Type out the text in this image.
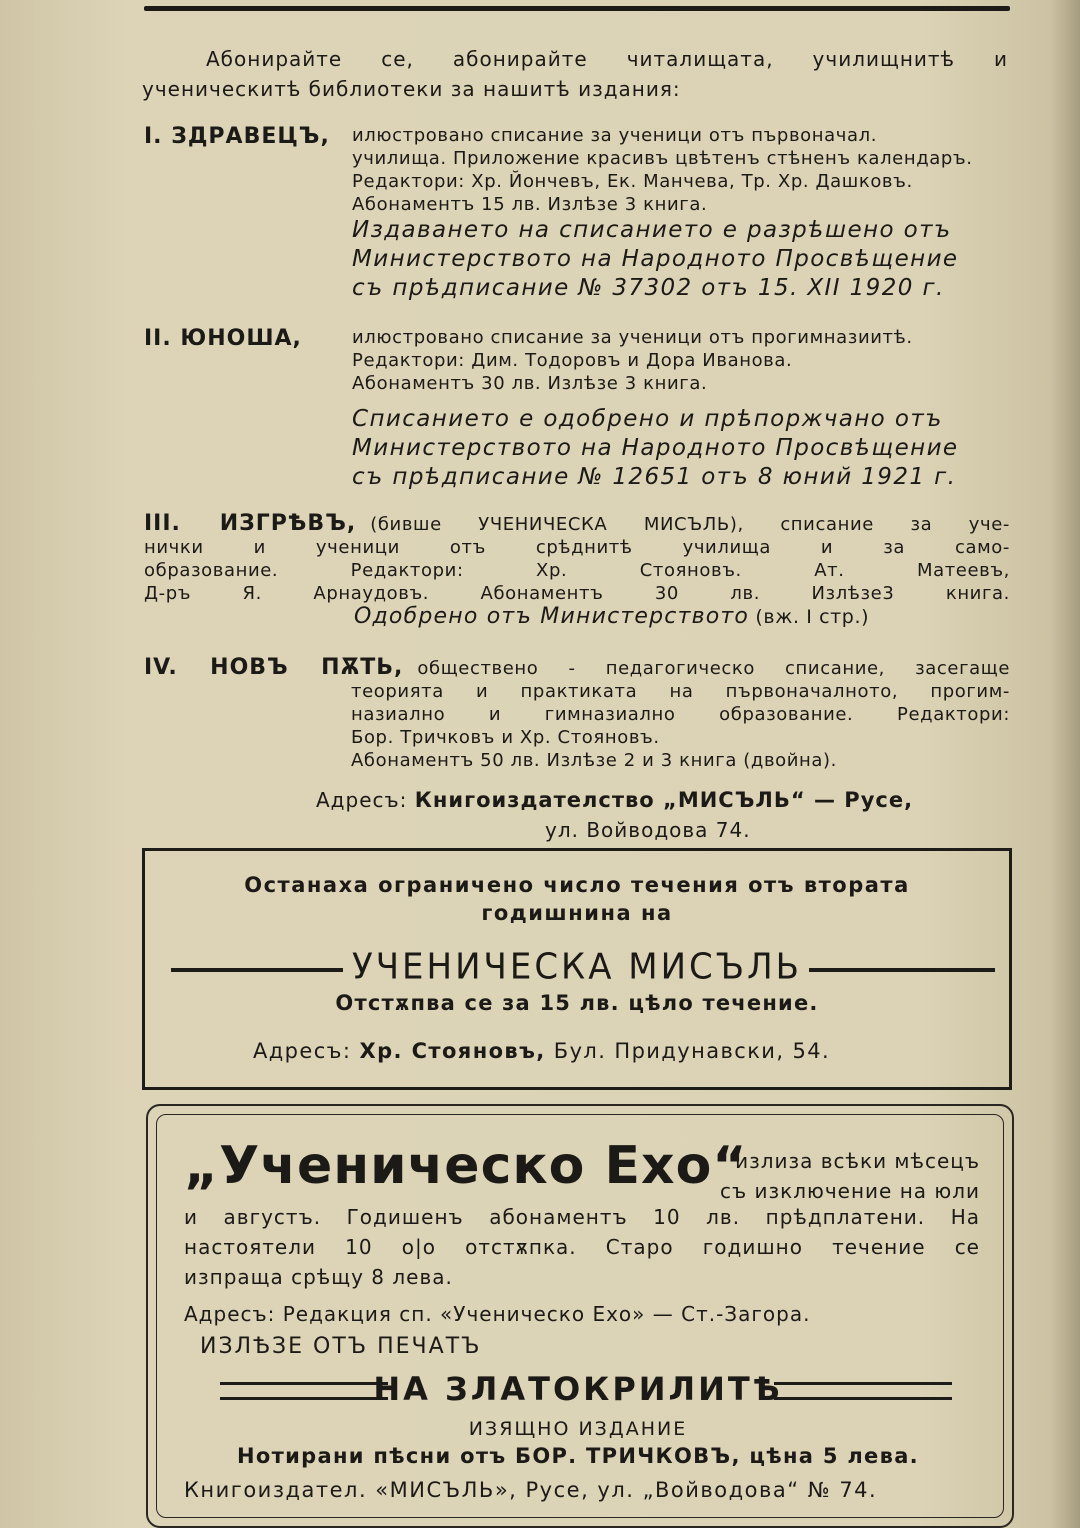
Абонирайте се, абонирайте читалищата, училищнитѣ и ученическитѣ библиотеки за нашитѣ издания:
I. ЗДРАВЕЦЪ, илюстровано списание за ученици отъ първоначал.
училища. Приложение красивъ цвѣтенъ стѣненъ календаръ.
Редактори: Хр. Йончевъ, Ек. Манчева, Тр. Хр. Дашковъ.
Абонаментъ 15 лв. Излѣзе 3 книга.
Издаването на списанието е разрѣшено отъ
Министерството на Народното Просвѣщение
съ прѣдписание № 37302 отъ 15. XII 1920 г.
II. ЮНОША,	илюстровано списание за ученици отъ прогимназиитѣ.
Редактори: Дим. Тодоровъ и Дора Иванова.
Абонаментъ 30 лв. Излѣзе 3 книга.
Списанието е одобрено и прѣпоржчано отъ
Министерството на Народното Просвѣщение
съ прѣдписание № 12651 отъ 8 юний 1921 г.
III. ИЗГРѢВЪ, (бивше УЧЕНИЧЕСКА МИСЪЛЬ), списание за уче-
нички и ученици отъ срѣднитѣ училища и за само-
образование. Редактори: Хр. Стояновъ. Ат. Матеевъ,
Д-ръ Я. Арнаудовъ. Абонаментъ 30 лв. Излѣзе3 книга.
Одобрено отъ Министерството (вж. I стр.)
IV. НОВЪ ПѪТЬ, обществено - педагогическо списание, засегаще
теорията и практиката на първоначалното, прогим-
назиално и гимназиално образование. Редактори:
Бор. Тричковъ и Хр. Стояновъ.
Абонаментъ 50 лв. Излѣзе 2 и 3 книга (двойна).
Адресъ: Книгоиздателство „МИСЪЛЬ“ — Русе,
ул. Войводова 74.
Останаха ограничено число течения отъ втората
годишнина на
УЧЕНИЧЕСКА МИСЪЛЬ
Отстѫпва се за 15 лв. цѣло течение.
Адресъ: Хр. Стояновъ, Бул. Придунавски, 54.
„Ученическо Ехо“
излиза всѣки мѣсецъ
съ изключение на юли
и августъ. Годишенъ абонаментъ 10 лв. прѣдплатени. На
настоятели 10 о|о отстѫпка. Старо годишно течение се
изпраща срѣщу 8 лева.
Адресъ: Редакция сп. «Ученическо Ехо» — Ст.-Загора.
ИЗЛѢЗЕ ОТЪ ПЕЧАТЪ
НА ЗЛАТОКРИЛИТѢ
ИЗЯЩНО ИЗДАНИЕ
Нотирани пѣсни отъ БОР. ТРИЧКОВЪ, цѣна 5 лева.
Книгоиздател. «МИСЪЛЬ», Русе, ул. „Войводова“ № 74.
